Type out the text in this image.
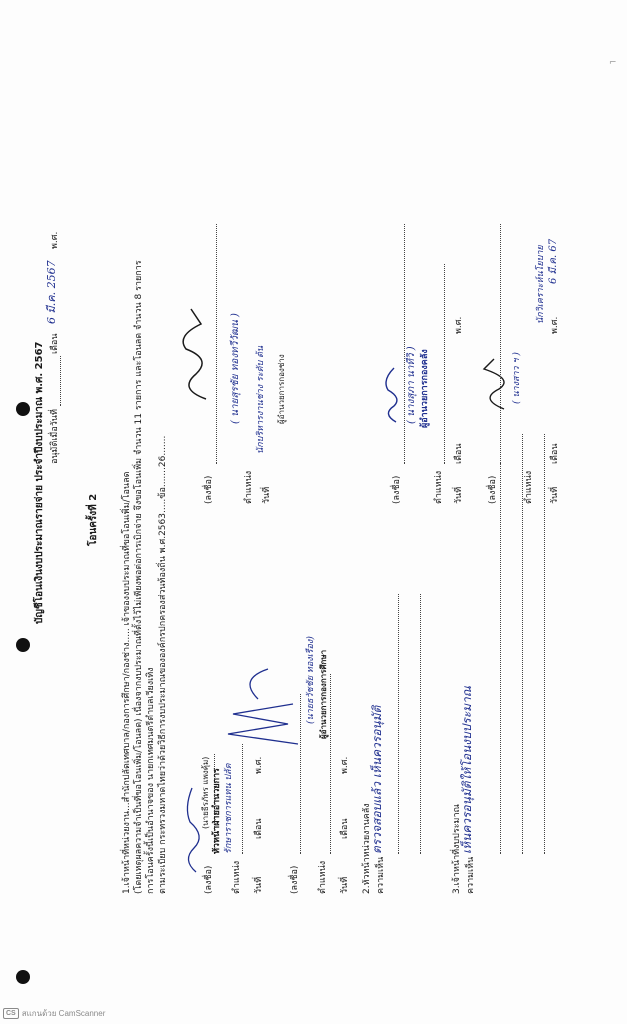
บัญชีโอนเงินงบประมาณรายจ่าย ประจำปีงบประมาณ พ.ศ. 2567 อนุมัติเมื่อวันที่
เดือน
6 มี.ค. 2567
พ.ศ.
โอนครั้งที่ 2	1.เจ้าหน้าที่หน่วยงาน...สำนักปลัดเทศบาล/กองการศึกษา/กองช่าง..... เจ้าของงบประมาณที่ขอโอนเพิ่ม/โอนลด (โดยเหตุผลความจำเป็นที่ขอโอนเพิ่ม/โอนลด) เนื่องจากงบประมาณที่ตั้งไว้ไม่เพียงพอต่อการเบิกจ่าย จึงขอโอนเพิ่ม จำนวน 11 รายการ และโอนลด จำนวน 8 รายการ การโอนครั้งนี้เป็นอำนาจของ นายกเทศมนตรีตำบลเวียงเทิง ตามระเบียบ กระทรวงมหาดไทยว่าด้วยวิธีการงบประมาณขององค์กรปกครองส่วนท้องถิ่น พ.ศ.2563.....ข้อ.......26.......	(ลงชื่อ)
(นายธีรภัทร แพงคุ้ม) หัวหน้าฝ่ายอำนวยการ รักษาราชการแทน ปลัด
ตำแหน่ง วันที่
เดือน
พ.ศ.
(ลงชื่อ)
(นายธวัชชัย ทองเรือง)
ตำแหน่ง
ผู้อำนวยการกองการศึกษา
วันที่
เดือน
พ.ศ.
(ลงชื่อ)
( นายสุรชัย ทองทวีวัฒน )
ตำแหน่ง
นักบริหารงานช่าง ระดับ ต้น
วันที่
ผู้อำนวยการกองช่าง
2.หัวหน้าหน่วยงานคลัง ความเห็น
ตรวจสอบแล้ว เห็นควรอนุมัติ
(ลงชื่อ)
( นางสุภา นาทีวิ ) ผู้อำนวยการกองคลัง
ตำแหน่ง วันที่
เดือน
พ.ศ.
3.เจ้าหน้าที่งบประมาณ ความเห็น
เห็นควรอนุมัติให้โอนงบประมาณ
(ลงชื่อ)
( นางสาว ฯ )
ตำแหน่ง
นักวิเคราะห์นโยบาย
วันที่
เดือน
พ.ศ.
6 มี.ค. 67
⌐
CS สแกนด้วย CamScanner
